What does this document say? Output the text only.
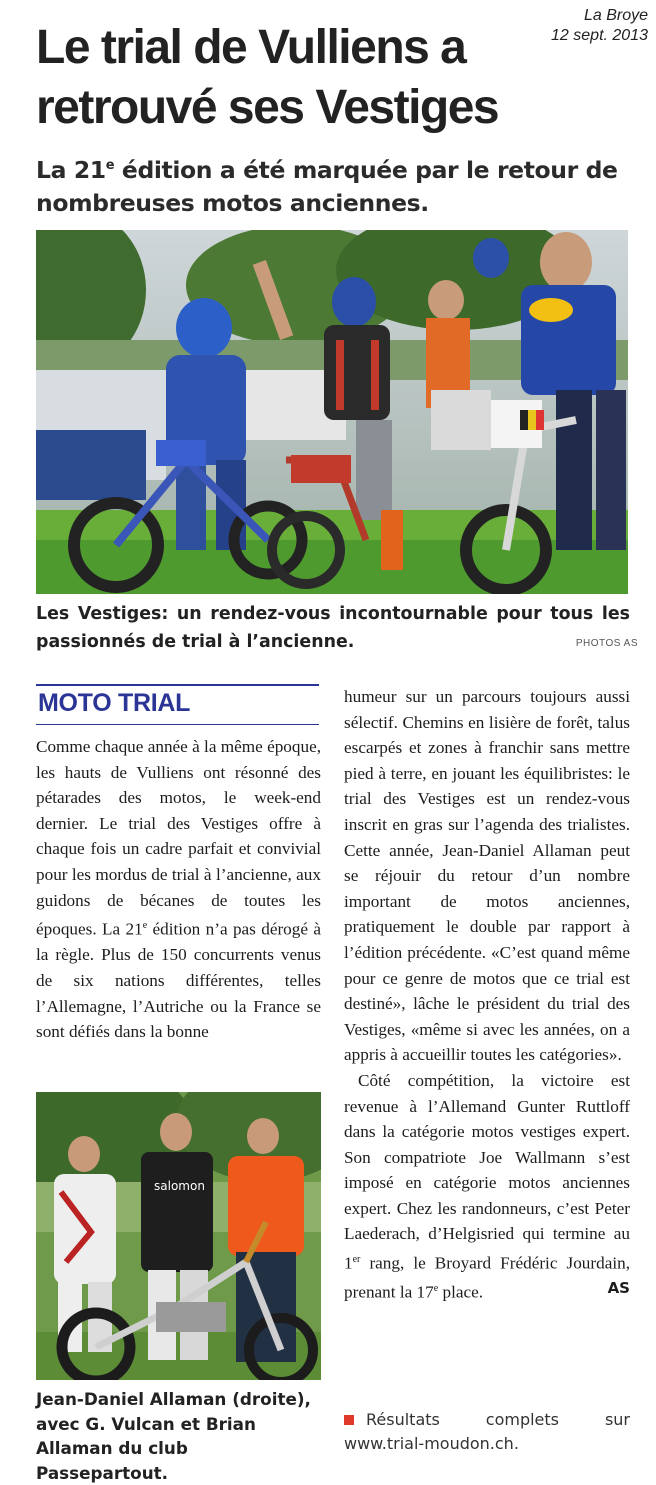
La Broye
12 sept. 2013
Le trial de Vulliens a retrouvé ses Vestiges
La 21e édition a été marquée par le retour de nombreuses motos anciennes.
Les Vestiges: un rendez-vous incontournable pour tous les passionnés de trial à l’ancienne.	PHOTOS AS
MOTO TRIAL

Comme chaque année à la même époque, les hauts de Vulliens ont résonné des pétarades des motos, le week-end dernier. Le trial des Vestiges offre à chaque fois un cadre parfait et convivial pour les mordus de trial à l’ancienne, aux guidons de bécanes de toutes les époques. La 21e édition n’a pas dérogé à la règle. Plus de 150 concurrents venus de six nations différentes, telles l’Allemagne, l’Autriche ou la France se sont défiés dans la bonne

salomon
Jean-Daniel Allaman (droite), avec G. Vulcan et Brian Allaman du club Passepartout.

humeur sur un parcours toujours aussi sélectif. Chemins en lisière de forêt, talus escarpés et zones à franchir sans mettre pied à terre, en jouant les équilibristes: le trial des Vestiges est un rendez-vous inscrit en gras sur l’agenda des trialistes. Cette année, Jean-Daniel Allaman peut se réjouir du retour d’un nombre important de motos anciennes, pratiquement le double par rapport à l’édition précédente. «C’est quand même pour ce genre de motos que ce trial est destiné», lâche le président du trial des Vestiges, «même si avec les années, on a appris à accueillir toutes les catégories».

Côté compétition, la victoire est revenue à l’Allemand Gunter Ruttloff dans la catégorie motos vestiges expert. Son compatriote Joe Wallmann s’est imposé en catégorie motos anciennes expert. Chez les randonneurs, c’est Peter Laederach, d’Helgisried qui termine au 1er rang, le Broyard Frédéric Jourdain, prenant la 17e place.	AS

Résultats	complets	sur
www.trial-moudon.ch.
